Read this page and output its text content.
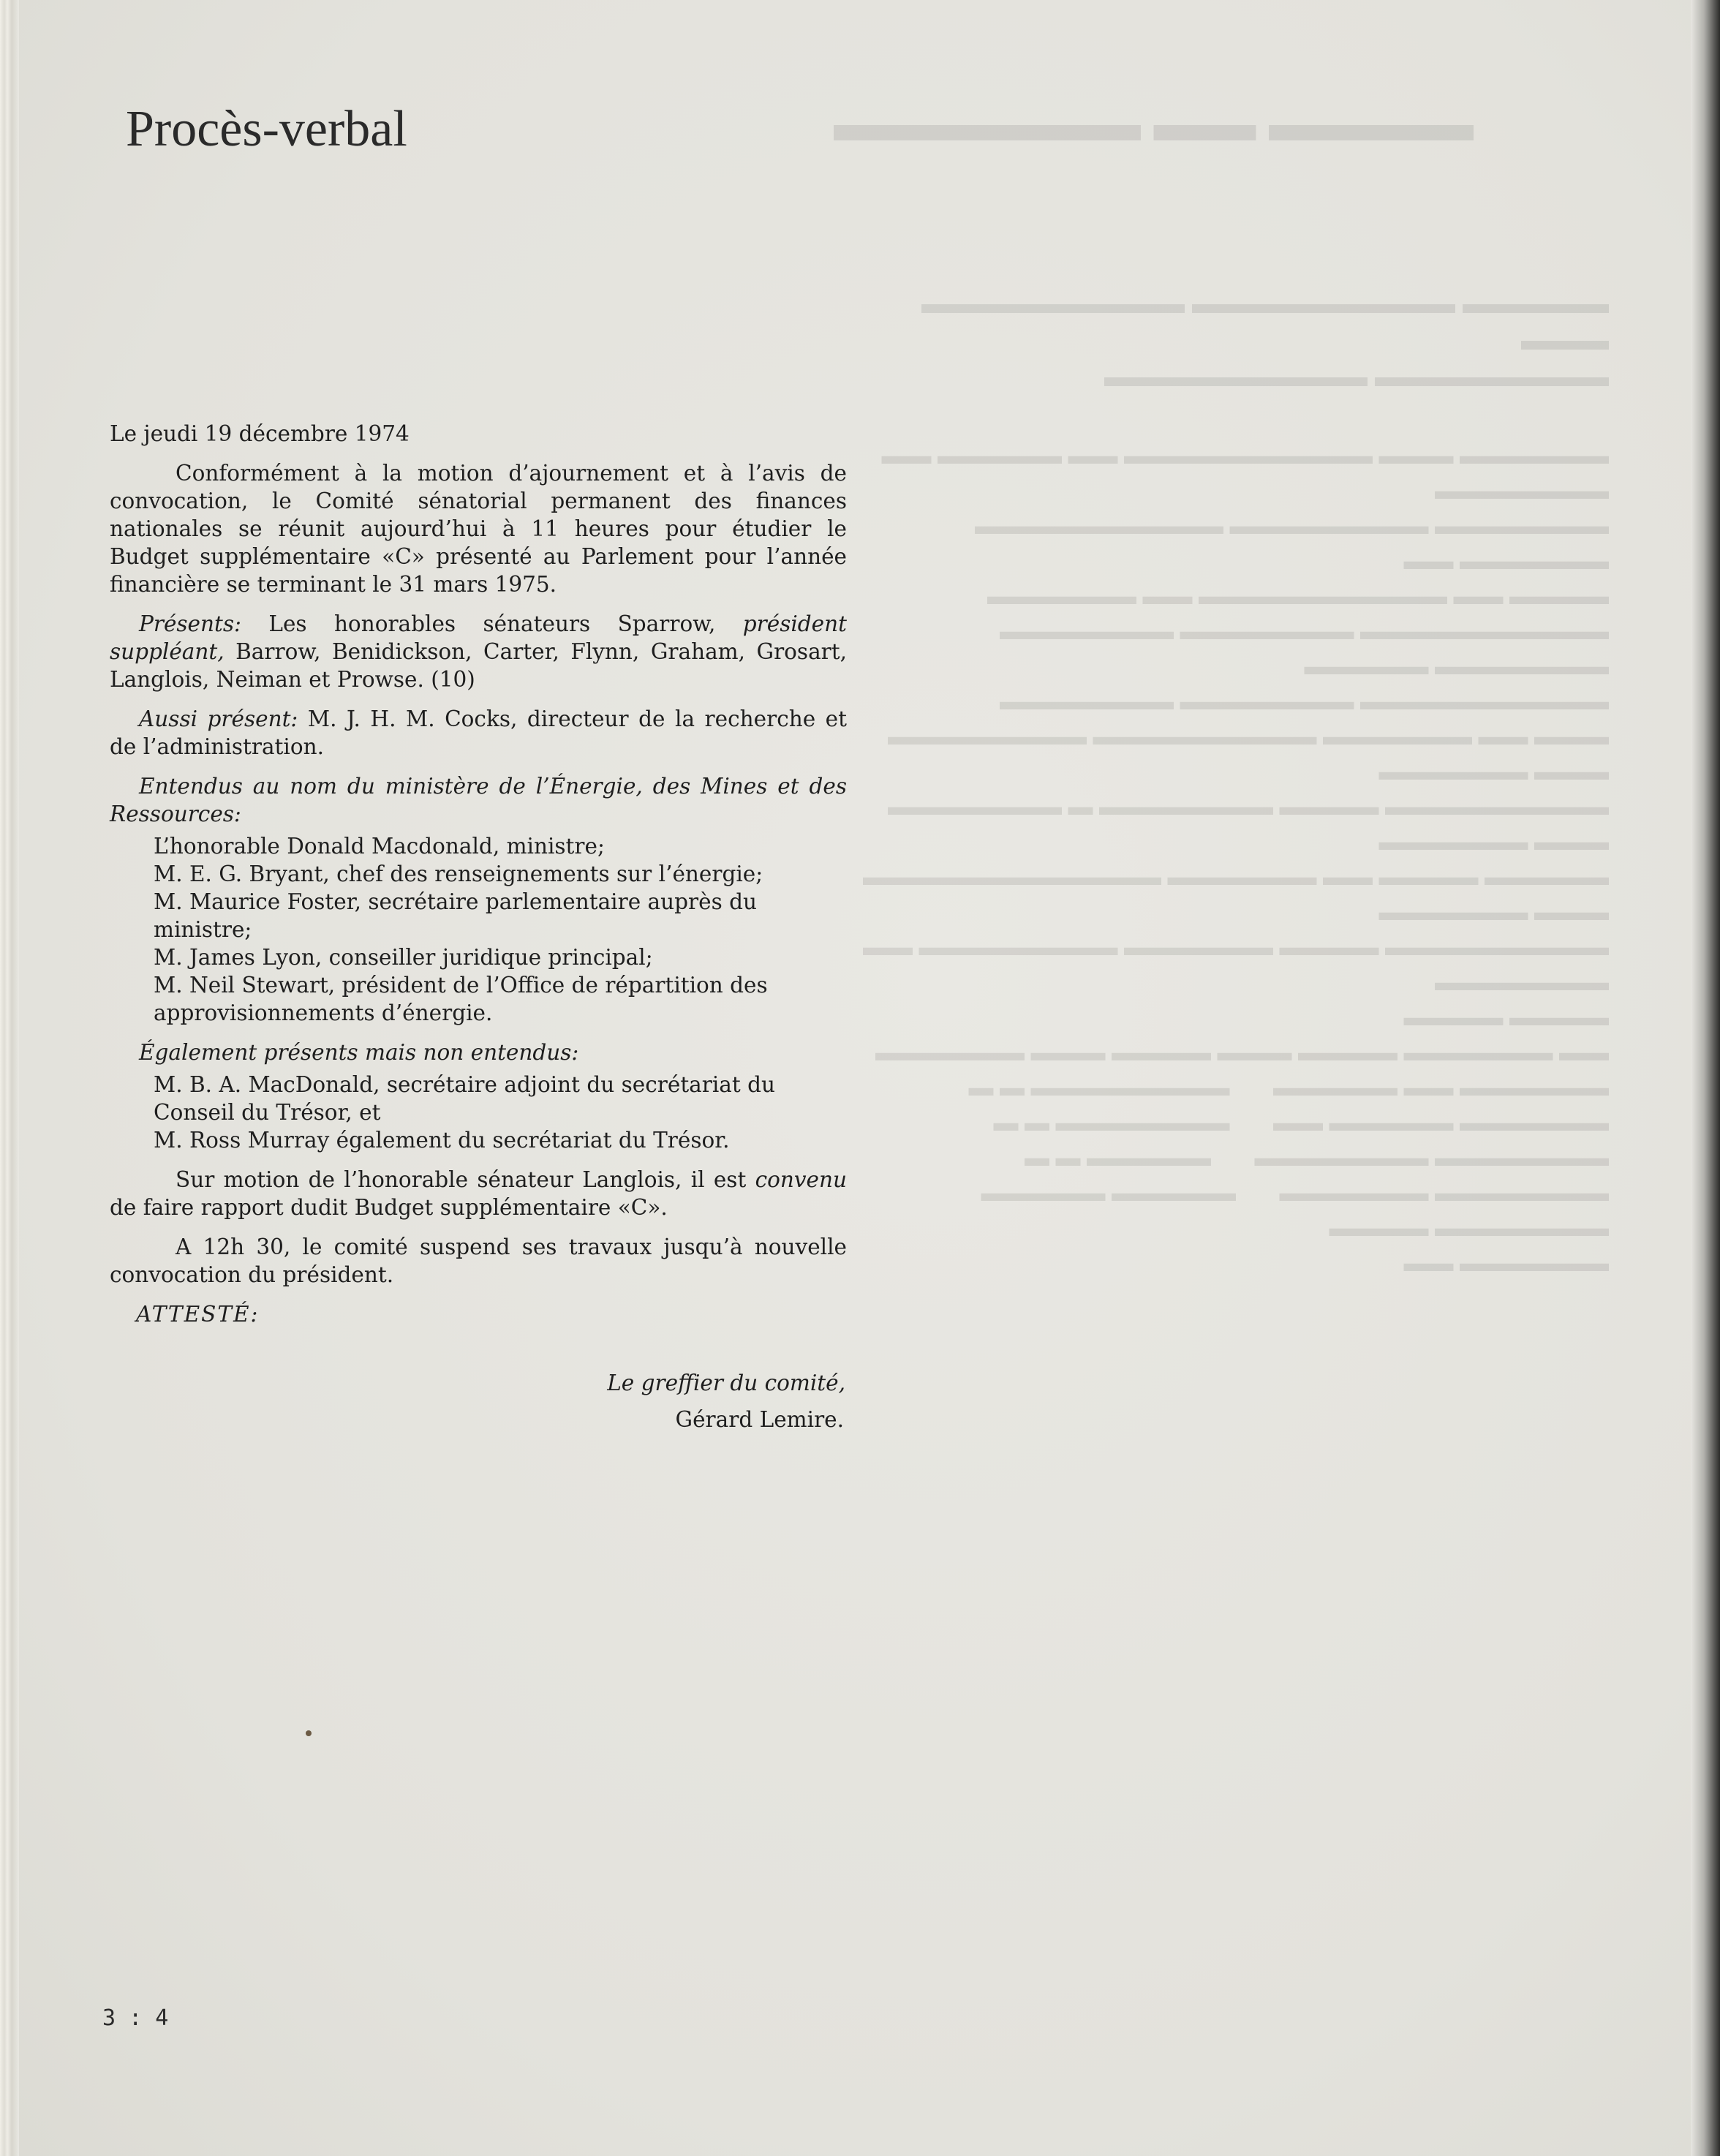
Procès-verbal

Le jeudi 19 décembre 1974

Conformément à la motion d’ajournement et à l’avis de convocation, le Comité sénatorial permanent des finances nationales se réunit aujourd’hui à 11 heures pour étudier le Budget supplémentaire «C» présenté au Parlement pour l’année financière se terminant le 31 mars 1975.

Présents: Les honorables sénateurs Sparrow, président suppléant, Barrow, Benidickson, Carter, Flynn, Graham, Grosart, Langlois, Neiman et Prowse. (10)

Aussi présent: M. J. H. M. Cocks, directeur de la recherche et de l’administration.

Entendus au nom du ministère de l’Énergie, des Mines et des Ressources:

L’honorable Donald Macdonald, ministre;
M. E. G. Bryant, chef des renseignements sur l’énergie;
M. Maurice Foster, secrétaire parlementaire auprès du ministre;
M. James Lyon, conseiller juridique principal;
M. Neil Stewart, président de l’Office de répartition des approvisionnements d’énergie.

Également présents mais non entendus:

M. B. A. MacDonald, secrétaire adjoint du secrétariat du Conseil du Trésor, et
M. Ross Murray également du secrétariat du Trésor.

Sur motion de l’honorable sénateur Langlois, il est convenu de faire rapport dudit Budget supplémentaire «C».

A 12h 30, le comité suspend ses travaux jusqu’à nouvelle convocation du président.

ATTESTÉ:

Le greffier du comité,
Gérard Lemire.
3 : 4
